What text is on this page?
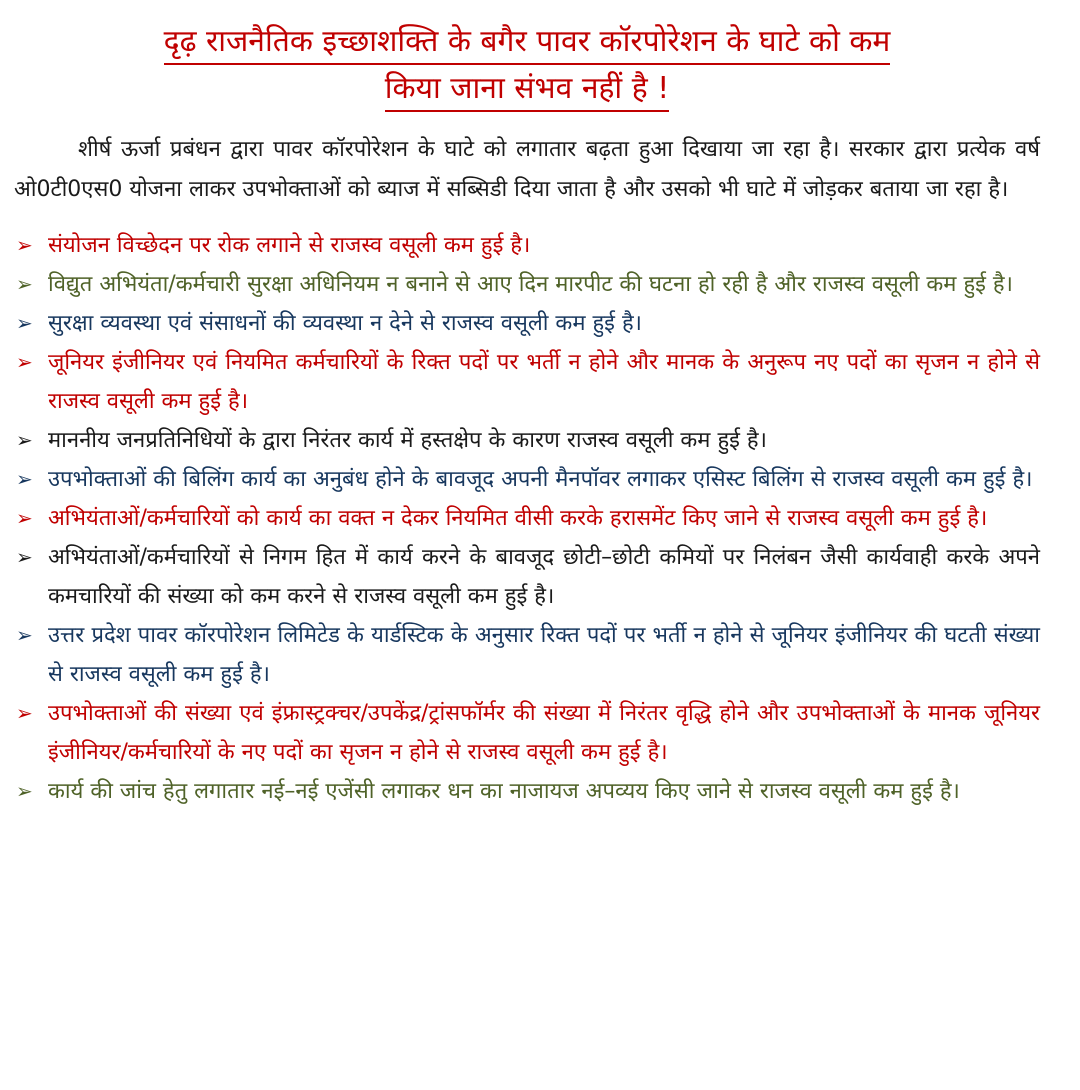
दृढ़ राजनैतिक इच्छाशक्ति के बगैर पावर कॉरपोरेशन के घाटे को कम
किया जाना संभव नहीं है !

शीर्ष ऊर्जा प्रबंधन द्वारा पावर कॉरपोरेशन के घाटे को लगातार बढ़ता हुआ दिखाया जा रहा है। सरकार द्वारा प्रत्येक वर्ष ओ0टी0एस0 योजना लाकर उपभोक्ताओं को ब्याज में सब्सिडी दिया जाता है और उसको भी घाटे में जोड़कर बताया जा रहा है।

➢ संयोजन विच्छेदन पर रोक लगाने से राजस्व वसूली कम हुई है।
➢ विद्युत अभियंता/कर्मचारी सुरक्षा अधिनियम न बनाने से आए दिन मारपीट की घटना हो रही है और राजस्व वसूली कम हुई है।
➢ सुरक्षा व्यवस्था एवं संसाधनों की व्यवस्था न देने से राजस्व वसूली कम हुई है।
➢ जूनियर इंजीनियर एवं नियमित कर्मचारियों के रिक्त पदों पर भर्ती न होने और मानक के अनुरूप नए पदों का सृजन न होने से राजस्व वसूली कम हुई है।
➢ माननीय जनप्रतिनिधियों के द्वारा निरंतर कार्य में हस्तक्षेप के कारण राजस्व वसूली कम हुई है।
➢ उपभोक्ताओं की बिलिंग कार्य का अनुबंध होने के बावजूद अपनी मैनपॉवर लगाकर एसिस्ट बिलिंग से राजस्व वसूली कम हुई है।
➢ अभियंताओं/कर्मचारियों को कार्य का वक्त न देकर नियमित वीसी करके हरासमेंट किए जाने से राजस्व वसूली कम हुई है।
➢ अभियंताओं/कर्मचारियों से निगम हित में कार्य करने के बावजूद छोटी–छोटी कमियों पर निलंबन जैसी कार्यवाही करके अपने कमचारियों की संख्या को कम करने से राजस्व वसूली कम हुई है।
➢ उत्तर प्रदेश पावर कॉरपोरेशन लिमिटेड के यार्डस्टिक के अनुसार रिक्त पदों पर भर्ती न होने से जूनियर इंजीनियर की घटती संख्या से राजस्व वसूली कम हुई है।
➢ उपभोक्ताओं की संख्या एवं इंफ्रास्ट्रक्चर/उपकेंद्र/ट्रांसफॉर्मर की संख्या में निरंतर वृद्धि होने और उपभोक्ताओं के मानक जूनियर इंजीनियर/कर्मचारियों के नए पदों का सृजन न होने से राजस्व वसूली कम हुई है।
➢ कार्य की जांच हेतु लगातार नई–नई एजेंसी लगाकर धन का नाजायज अपव्यय किए जाने से राजस्व वसूली कम हुई है।
